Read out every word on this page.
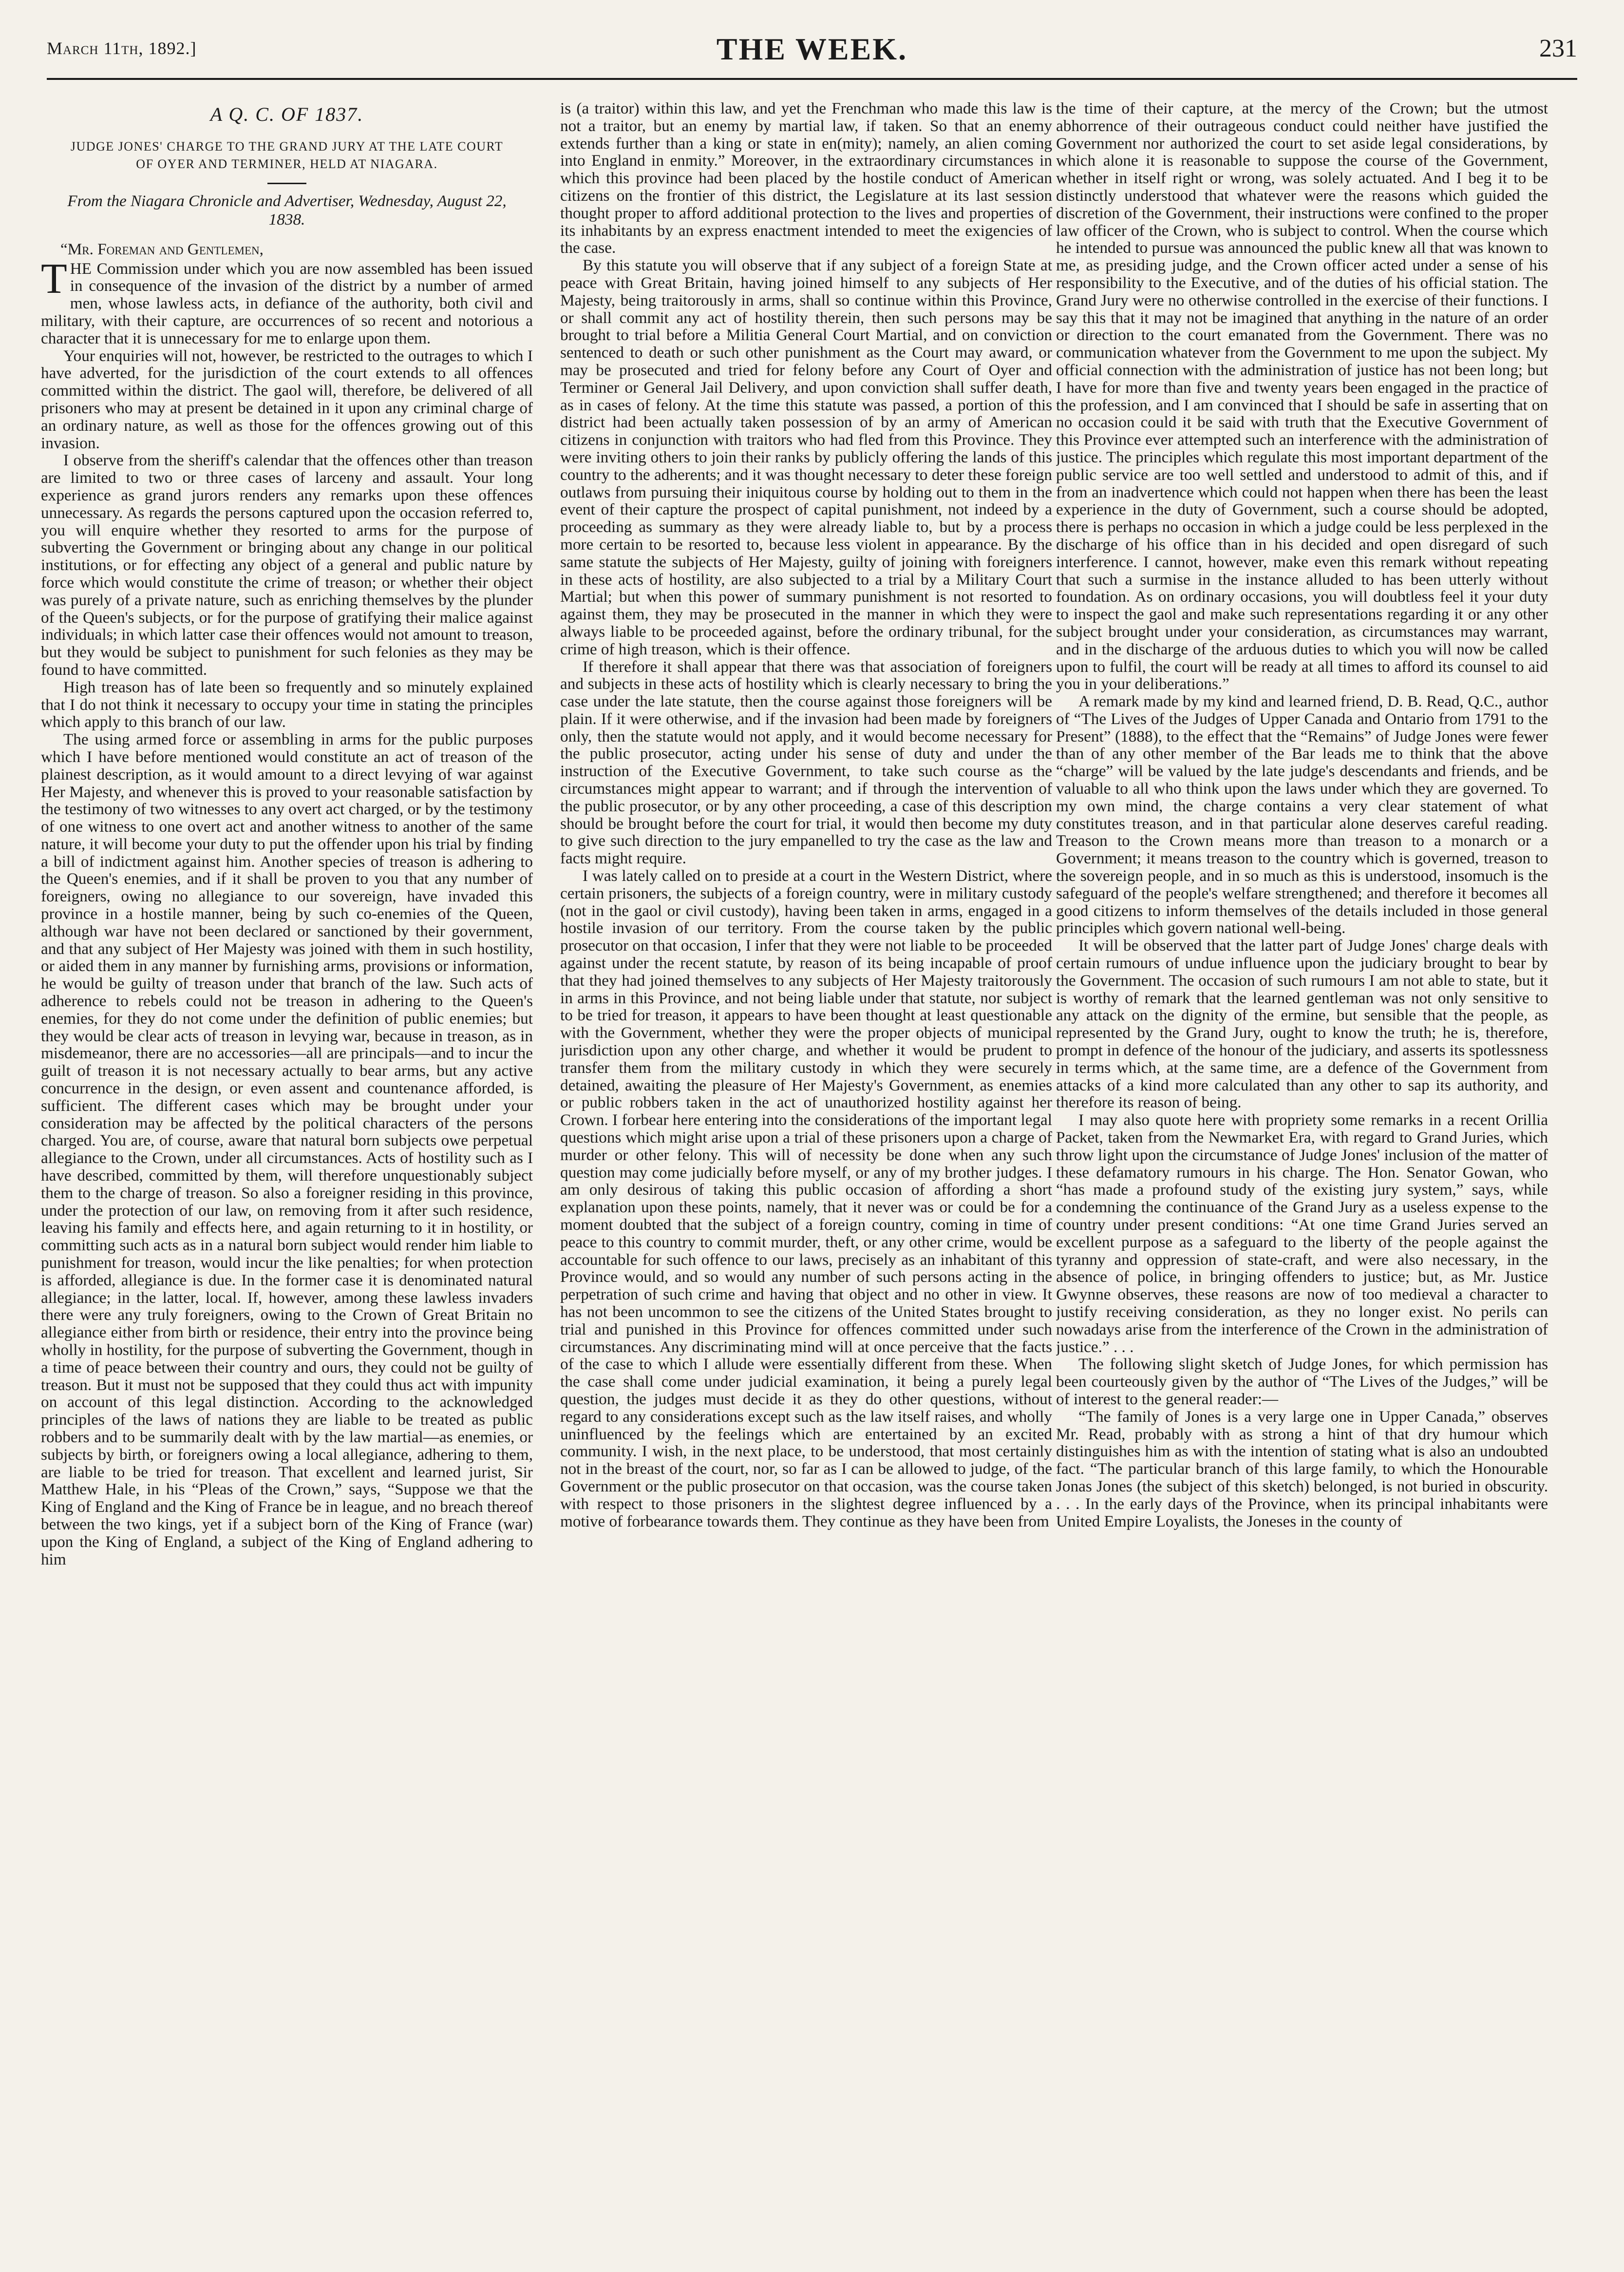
March 11th, 1892.]	THE WEEK.	231
A Q. C. OF 1837.
JUDGE JONES' CHARGE TO THE GRAND JURY AT THE LATE COURT OF OYER AND TERMINER, HELD AT NIAGARA.
From the Niagara Chronicle and Advertiser, Wednesday, August 22, 1838.

“Mr. Foreman and Gentlemen,

THE Commission under which you are now assembled has been issued in consequence of the invasion of the district by a number of armed men, whose lawless acts, in defiance of the authority, both civil and military, with their capture, are occurrences of so recent and notorious a character that it is unnecessary for me to enlarge upon them.

Your enquiries will not, however, be restricted to the outrages to which I have adverted, for the jurisdiction of the court extends to all offences committed within the district. The gaol will, therefore, be delivered of all prisoners who may at present be detained in it upon any criminal charge of an ordinary nature, as well as those for the offences growing out of this invasion.

I observe from the sheriff's calendar that the offences other than treason are limited to two or three cases of larceny and assault. Your long experience as grand jurors renders any remarks upon these offences unnecessary. As regards the persons captured upon the occasion referred to, you will enquire whether they resorted to arms for the purpose of subverting the Government or bringing about any change in our political institutions, or for effecting any object of a general and public nature by force which would constitute the crime of treason; or whether their object was purely of a private nature, such as enriching themselves by the plunder of the Queen's subjects, or for the purpose of gratifying their malice against individuals; in which latter case their offences would not amount to treason, but they would be subject to punishment for such felonies as they may be found to have committed.

High treason has of late been so frequently and so minutely explained that I do not think it necessary to occupy your time in stating the principles which apply to this branch of our law.

The using armed force or assembling in arms for the public purposes which I have before mentioned would constitute an act of treason of the plainest description, as it would amount to a direct levying of war against Her Majesty, and whenever this is proved to your reasonable satisfaction by the testimony of two witnesses to any overt act charged, or by the testimony of one witness to one overt act and another witness to another of the same nature, it will become your duty to put the offender upon his trial by finding a bill of indictment against him. Another species of treason is adhering to the Queen's enemies, and if it shall be proven to you that any number of foreigners, owing no allegiance to our sovereign, have invaded this province in a hostile manner, being by such co-enemies of the Queen, although war have not been declared or sanctioned by their government, and that any subject of Her Majesty was joined with them in such hostility, or aided them in any manner by furnishing arms, provisions or information, he would be guilty of treason under that branch of the law. Such acts of adherence to rebels could not be treason in adhering to the Queen's enemies, for they do not come under the definition of public enemies; but they would be clear acts of treason in levying war, because in treason, as in misdemeanor, there are no accessories—all are principals—and to incur the guilt of treason it is not necessary actually to bear arms, but any active concurrence in the design, or even assent and countenance afforded, is sufficient. The different cases which may be brought under your consideration may be affected by the political characters of the persons charged. You are, of course, aware that natural born subjects owe perpetual allegiance to the Crown, under all circumstances. Acts of hostility such as I have described, committed by them, will therefore unquestionably subject them to the charge of treason. So also a foreigner residing in this province, under the protection of our law, on removing from it after such residence, leaving his family and effects here, and again returning to it in hostility, or committing such acts as in a natural born subject would render him liable to punishment for treason, would incur the like penalties; for when protection is afforded, allegiance is due. In the former case it is denominated natural allegiance; in the latter, local. If, however, among these lawless invaders there were any truly foreigners, owing to the Crown of Great Britain no allegiance either from birth or residence, their entry into the province being wholly in hostility, for the purpose of subverting the Government, though in a time of peace between their country and ours, they could not be guilty of treason. But it must not be supposed that they could thus act with impunity on account of this legal distinction. According to the acknowledged principles of the laws of nations they are liable to be treated as public robbers and to be summarily dealt with by the law martial—as enemies, or subjects by birth, or foreigners owing a local allegiance, adhering to them, are liable to be tried for treason. That excellent and learned jurist, Sir Matthew Hale, in his “Pleas of the Crown,” says, “Suppose we that the King of England and the King of France be in league, and no breach thereof between the two kings, yet if a subject born of the King of France (war) upon the King of England, a subject of the King of England adhering to him

is (a traitor) within this law, and yet the Frenchman who made this law is not a traitor, but an enemy by martial law, if taken. So that an enemy extends further than a king or state in en(mity); namely, an alien coming into England in enmity.” Moreover, in the extraordinary circumstances in which this province had been placed by the hostile conduct of American citizens on the frontier of this district, the Legislature at its last session thought proper to afford additional protection to the lives and properties of its inhabitants by an express enactment intended to meet the exigencies of the case.

By this statute you will observe that if any subject of a foreign State at peace with Great Britain, having joined himself to any subjects of Her Majesty, being traitorously in arms, shall so continue within this Province, or shall commit any act of hostility therein, then such persons may be brought to trial before a Militia General Court Martial, and on conviction sentenced to death or such other punishment as the Court may award, or may be prosecuted and tried for felony before any Court of Oyer and Terminer or General Jail Delivery, and upon conviction shall suffer death, as in cases of felony. At the time this statute was passed, a portion of this district had been actually taken possession of by an army of American citizens in conjunction with traitors who had fled from this Province. They were inviting others to join their ranks by publicly offering the lands of this country to the adherents; and it was thought necessary to deter these foreign outlaws from pursuing their iniquitous course by holding out to them in the event of their capture the prospect of capital punishment, not indeed by a proceeding as summary as they were already liable to, but by a process more certain to be resorted to, because less violent in appearance. By the same statute the subjects of Her Majesty, guilty of joining with foreigners in these acts of hostility, are also subjected to a trial by a Military Court Martial; but when this power of summary punishment is not resorted to against them, they may be prosecuted in the manner in which they were always liable to be proceeded against, before the ordinary tribunal, for the crime of high treason, which is their offence.

If therefore it shall appear that there was that association of foreigners and subjects in these acts of hostility which is clearly necessary to bring the case under the late statute, then the course against those foreigners will be plain. If it were otherwise, and if the invasion had been made by foreigners only, then the statute would not apply, and it would become necessary for the public prosecutor, acting under his sense of duty and under the instruction of the Executive Government, to take such course as the circumstances might appear to warrant; and if through the intervention of the public prosecutor, or by any other proceeding, a case of this description should be brought before the court for trial, it would then become my duty to give such direction to the jury empanelled to try the case as the law and facts might require.

I was lately called on to preside at a court in the Western District, where certain prisoners, the subjects of a foreign country, were in military custody (not in the gaol or civil custody), having been taken in arms, engaged in a hostile invasion of our territory. From the course taken by the public prosecutor on that occasion, I infer that they were not liable to be proceeded against under the recent statute, by reason of its being incapable of proof that they had joined themselves to any subjects of Her Majesty traitorously in arms in this Province, and not being liable under that statute, nor subject to be tried for treason, it appears to have been thought at least questionable with the Government, whether they were the proper objects of municipal jurisdiction upon any other charge, and whether it would be prudent to transfer them from the military custody in which they were securely detained, awaiting the pleasure of Her Majesty's Government, as enemies or public robbers taken in the act of unauthorized hostility against her Crown. I forbear here entering into the considerations of the important legal questions which might arise upon a trial of these prisoners upon a charge of murder or other felony. This will of necessity be done when any such question may come judicially before myself, or any of my brother judges. I am only desirous of taking this public occasion of affording a short explanation upon these points, namely, that it never was or could be for a moment doubted that the subject of a foreign country, coming in time of peace to this country to commit murder, theft, or any other crime, would be accountable for such offence to our laws, precisely as an inhabitant of this Province would, and so would any number of such persons acting in the perpetration of such crime and having that object and no other in view. It has not been uncommon to see the citizens of the United States brought to trial and punished in this Province for offences committed under such circumstances. Any discriminating mind will at once perceive that the facts of the case to which I allude were essentially different from these. When the case shall come under judicial examination, it being a purely legal question, the judges must decide it as they do other questions, without regard to any considerations except such as the law itself raises, and wholly uninfluenced by the feelings which are entertained by an excited community. I wish, in the next place, to be understood, that most certainly not in the breast of the court, nor, so far as I can be allowed to judge, of the Government or the public prosecutor on that occasion, was the course taken with respect to those prisoners in the slightest degree influenced by a motive of forbearance towards them. They continue as they have been from

the time of their capture, at the mercy of the Crown; but the utmost abhorrence of their outrageous conduct could neither have justified the Government nor authorized the court to set aside legal considerations, by which alone it is reasonable to suppose the course of the Government, whether in itself right or wrong, was solely actuated. And I beg it to be distinctly understood that whatever were the reasons which guided the discretion of the Government, their instructions were confined to the proper law officer of the Crown, who is subject to control. When the course which he intended to pursue was announced the public knew all that was known to me, as presiding judge, and the Crown officer acted under a sense of his responsibility to the Executive, and of the duties of his official station. The Grand Jury were no otherwise controlled in the exercise of their functions. I say this that it may not be imagined that anything in the nature of an order or direction to the court emanated from the Government. There was no communication whatever from the Government to me upon the subject. My official connection with the administration of justice has not been long; but I have for more than five and twenty years been engaged in the practice of the profession, and I am convinced that I should be safe in asserting that on no occasion could it be said with truth that the Executive Government of this Province ever attempted such an interference with the administration of justice. The principles which regulate this most important department of the public service are too well settled and understood to admit of this, and if from an inadvertence which could not happen when there has been the least experience in the duty of Government, such a course should be adopted, there is perhaps no occasion in which a judge could be less perplexed in the discharge of his office than in his decided and open disregard of such interference. I cannot, however, make even this remark without repeating that such a surmise in the instance alluded to has been utterly without foundation. As on ordinary occasions, you will doubtless feel it your duty to inspect the gaol and make such representations regarding it or any other subject brought under your consideration, as circumstances may warrant, and in the discharge of the arduous duties to which you will now be called upon to fulfil, the court will be ready at all times to afford its counsel to aid you in your deliberations.”

A remark made by my kind and learned friend, D. B. Read, Q.C., author of “The Lives of the Judges of Upper Canada and Ontario from 1791 to the Present” (1888), to the effect that the “Remains” of Judge Jones were fewer than of any other member of the Bar leads me to think that the above “charge” will be valued by the late judge's descendants and friends, and be valuable to all who think upon the laws under which they are governed. To my own mind, the charge contains a very clear statement of what constitutes treason, and in that particular alone deserves careful reading. Treason to the Crown means more than treason to a monarch or a Government; it means treason to the country which is governed, treason to the sovereign people, and in so much as this is understood, insomuch is the safeguard of the people's welfare strengthened; and therefore it becomes all good citizens to inform themselves of the details included in those general principles which govern national well-being.

It will be observed that the latter part of Judge Jones' charge deals with certain rumours of undue influence upon the judiciary brought to bear by the Government. The occasion of such rumours I am not able to state, but it is worthy of remark that the learned gentleman was not only sensitive to any attack on the dignity of the ermine, but sensible that the people, as represented by the Grand Jury, ought to know the truth; he is, therefore, prompt in defence of the honour of the judiciary, and asserts its spotlessness in terms which, at the same time, are a defence of the Government from attacks of a kind more calculated than any other to sap its authority, and therefore its reason of being.

I may also quote here with propriety some remarks in a recent Orillia Packet, taken from the Newmarket Era, with regard to Grand Juries, which throw light upon the circumstance of Judge Jones' inclusion of the matter of these defamatory rumours in his charge. The Hon. Senator Gowan, who “has made a profound study of the existing jury system,” says, while condemning the continuance of the Grand Jury as a useless expense to the country under present conditions: “At one time Grand Juries served an excellent purpose as a safeguard to the liberty of the people against the tyranny and oppression of state-craft, and were also necessary, in the absence of police, in bringing offenders to justice; but, as Mr. Justice Gwynne observes, these reasons are now of too medieval a character to justify receiving consideration, as they no longer exist. No perils can nowadays arise from the interference of the Crown in the administration of justice.” . . .

The following slight sketch of Judge Jones, for which permission has been courteously given by the author of “The Lives of the Judges,” will be of interest to the general reader:—

“The family of Jones is a very large one in Upper Canada,” observes Mr. Read, probably with as strong a hint of that dry humour which distinguishes him as with the intention of stating what is also an undoubted fact. “The particular branch of this large family, to which the Honourable Jonas Jones (the subject of this sketch) belonged, is not buried in obscurity. . . . In the early days of the Province, when its principal inhabitants were United Empire Loyalists, the Joneses in the county of
